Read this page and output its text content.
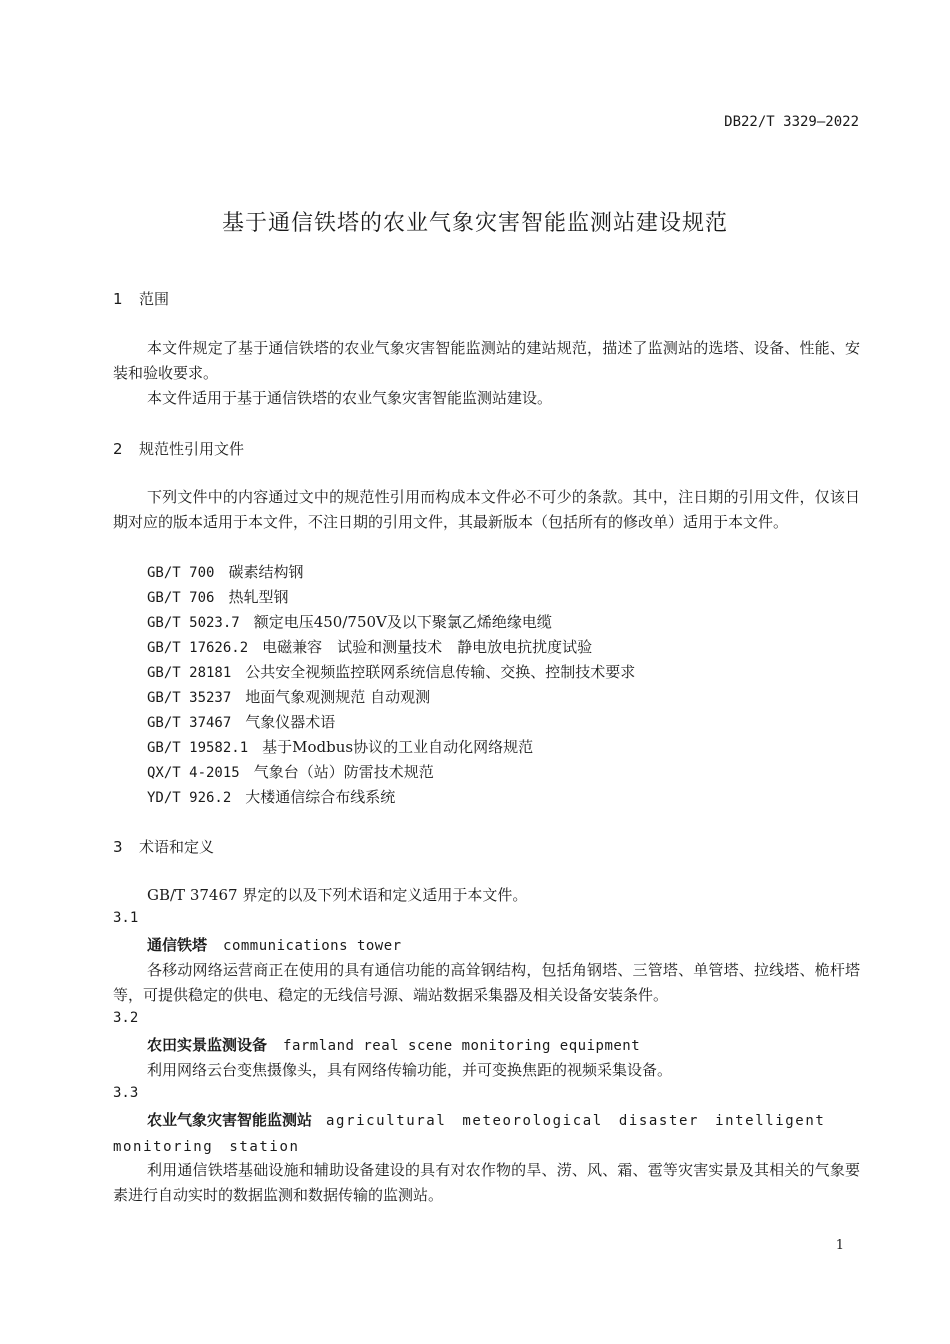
DB22/T 3329—2022
基于通信铁塔的农业气象灾害智能监测站建设规范
1 范围
本文件规定了基于通信铁塔的农业气象灾害智能监测站的建站规范，描述了监测站的选塔、设备、性能、安装和验收要求。
本文件适用于基于通信铁塔的农业气象灾害智能监测站建设。
2 规范性引用文件
下列文件中的内容通过文中的规范性引用而构成本文件必不可少的条款。其中，注日期的引用文件，仅该日期对应的版本适用于本文件，不注日期的引用文件，其最新版本（包括所有的修改单）适用于本文件。
GB/T 700 碳素结构钢
GB/T 706 热轧型钢
GB/T 5023.7 额定电压450/750V及以下聚氯乙烯绝缘电缆
GB/T 17626.2 电磁兼容　试验和测量技术　静电放电抗扰度试验
GB/T 28181 公共安全视频监控联网系统信息传输、交换、控制技术要求
GB/T 35237 地面气象观测规范 自动观测
GB/T 37467 气象仪器术语
GB/T 19582.1 基于Modbus协议的工业自动化网络规范
QX/T 4-2015 气象台（站）防雷技术规范
YD/T 926.2 大楼通信综合布线系统
3 术语和定义
GB/T 37467 界定的以及下列术语和定义适用于本文件。
3.1
通信铁塔 communications tower
各移动网络运营商正在使用的具有通信功能的高耸钢结构，包括角钢塔、三管塔、单管塔、拉线塔、桅杆塔等，可提供稳定的供电、稳定的无线信号源、端站数据采集器及相关设备安装条件。
3.2
农田实景监测设备 farmland real scene monitoring equipment
利用网络云台变焦摄像头，具有网络传输功能，并可变换焦距的视频采集设备。
3.3
农业气象灾害智能监测站 agricultural meteorological disaster intelligent monitoring station
利用通信铁塔基础设施和辅助设备建设的具有对农作物的旱、涝、风、霜、雹等灾害实景及其相关的气象要素进行自动实时的数据监测和数据传输的监测站。
1
